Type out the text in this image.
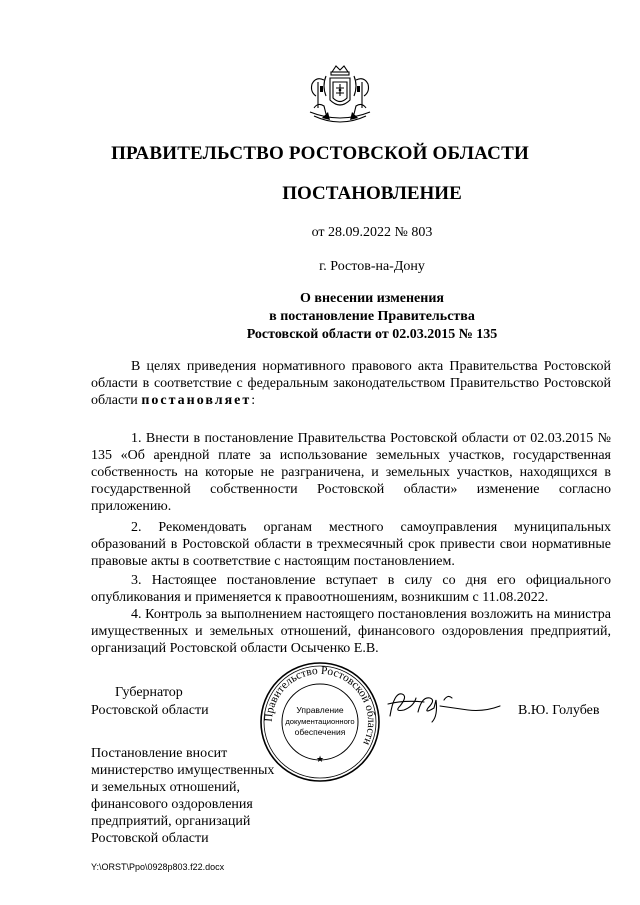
ПРАВИТЕЛЬСТВО РОСТОВСКОЙ ОБЛАСТИ
ПОСТАНОВЛЕНИЕ
от 28.09.2022 № 803
г. Ростов-на-Дону
О внесении изменения
в постановление Правительства
Ростовской области от 02.03.2015 № 135
В целях приведения нормативного правового акта Правительства Ростовской области в соответствие с федеральным законодательством Правительство Ростовской области постановляет:
1. Внести в постановление Правительства Ростовской области от 02.03.2015 № 135 «Об арендной плате за использование земельных участков, государственная собственность на которые не разграничена, и земельных участков, находящихся в государственной собственности Ростовской области» изменение согласно приложению.
2. Рекомендовать органам местного самоуправления муниципальных образований в Ростовской области в трехмесячный срок привести свои нормативные правовые акты в соответствие с настоящим постановлением.
3. Настоящее постановление вступает в силу со дня его официального опубликования и применяется к правоотношениям, возникшим с 11.08.2022.
4. Контроль за выполнением настоящего постановления возложить на министра имущественных и земельных отношений, финансового оздоровления предприятий, организаций Ростовской области Осыченко Е.В.
Губернатор
Ростовской области	Правительство Ростовской области
★
Управление
документационного
обеспечения
В.Ю. Голубев
Постановление вносит
министерство имущественных
и земельных отношений,
финансового оздоровления
предприятий, организаций
Ростовской области
Y:\ORST\Ppo\0928p803.f22.docx
